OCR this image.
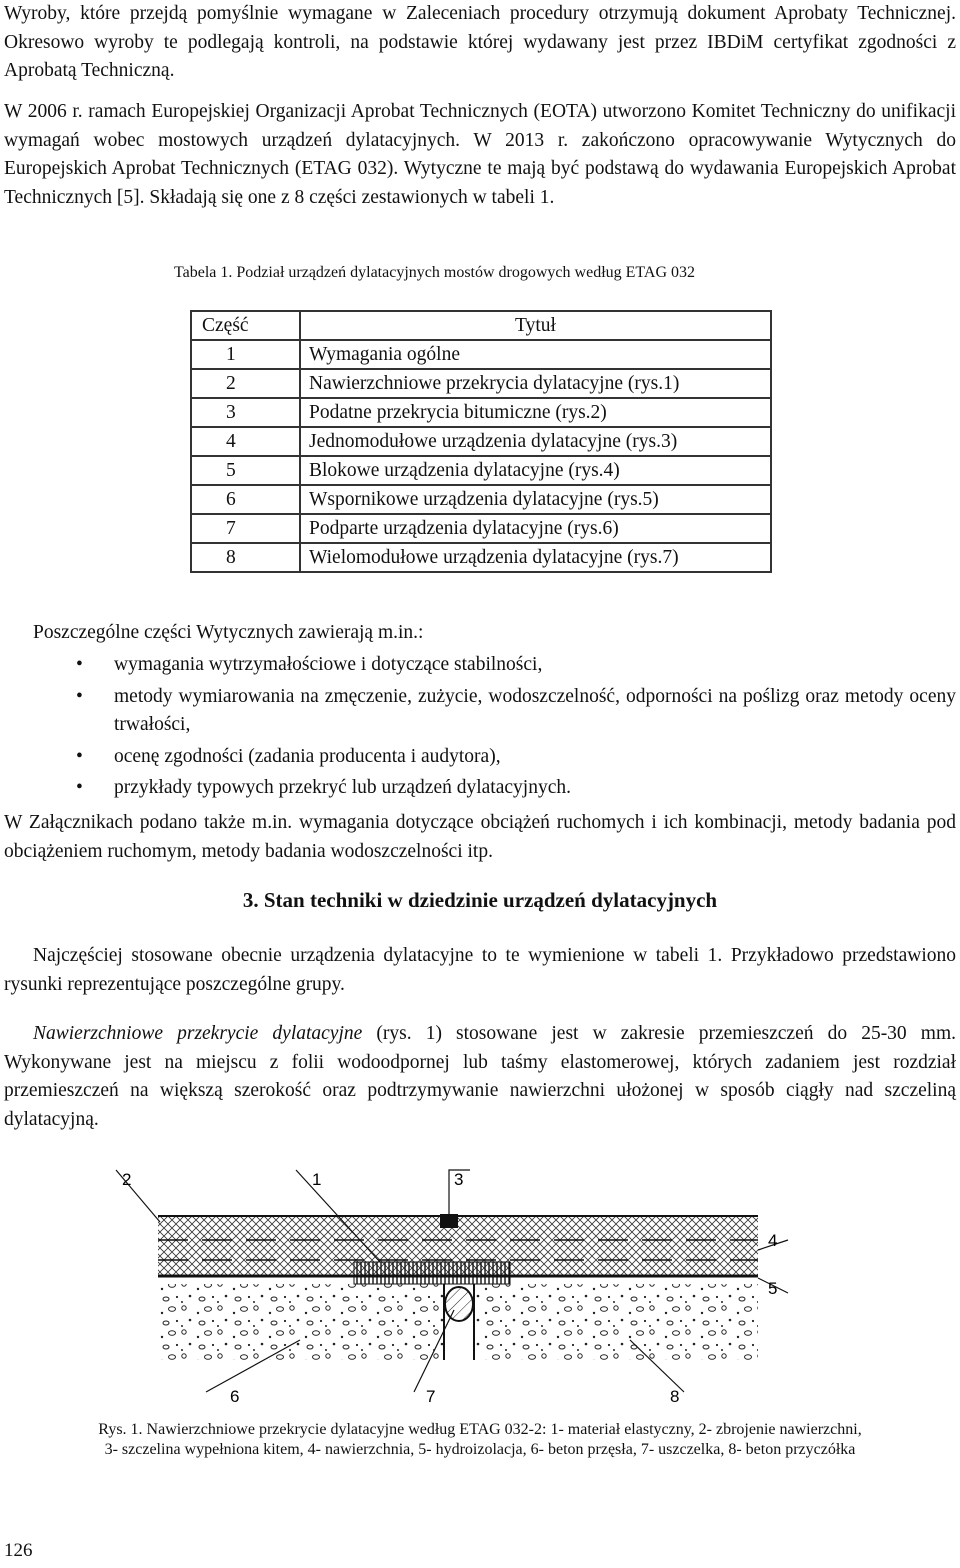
Wyroby, które przejdą pomyślnie wymagane w Zaleceniach procedury otrzymują dokument Aprobaty Technicznej. Okresowo wyroby te podlegają kontroli, na podstawie której wydawany jest przez IBDiM certyfikat zgodności z Aprobatą Techniczną.
W 2006 r. ramach Europejskiej Organizacji Aprobat Technicznych (EOTA) utworzono Komitet Techniczny do unifikacji wymagań wobec mostowych urządzeń dylatacyjnych. W 2013 r. zakończono opracowywanie Wytycznych do Europejskich Aprobat Technicznych (ETAG 032). Wytyczne te mają być podstawą do wydawania Europejskich Aprobat Technicznych [5]. Składają się one z 8 części zestawionych w tabeli 1.
Tabela 1. Podział urządzeń dylatacyjnych mostów drogowych według ETAG 032
Część	Tytuł
1	Wymagania ogólne
2	Nawierzchniowe przekrycia dylatacyjne (rys.1)
3	Podatne przekrycia bitumiczne (rys.2)
4	Jednomodułowe urządzenia dylatacyjne (rys.3)
5	Blokowe urządzenia dylatacyjne (rys.4)
6	Wspornikowe urządzenia dylatacyjne (rys.5)
7	Podparte urządzenia dylatacyjne (rys.6)
8	Wielomodułowe urządzenia dylatacyjne (rys.7)
Poszczególne części Wytycznych zawierają m.in.:
• wymagania wytrzymałościowe i dotyczące stabilności,
• metody wymiarowania na zmęczenie, zużycie, wodoszczelność, odporności na poślizg oraz metody oceny trwałości,
• ocenę zgodności (zadania producenta i audytora),
• przykłady typowych przekryć lub urządzeń dylatacyjnych.
W Załącznikach podano także m.in. wymagania dotyczące obciążeń ruchomych i ich kombinacji, metody badania pod obciążeniem ruchomym, metody badania wodoszczelności itp.
3. Stan techniki w dziedzinie urządzeń dylatacyjnych
Najczęściej stosowane obecnie urządzenia dylatacyjne to te wymienione w tabeli 1. Przykładowo przedstawiono rysunki reprezentujące poszczególne grupy.
Nawierzchniowe przekrycie dylatacyjne (rys. 1) stosowane jest w zakresie przemieszczeń do 25-30 mm. Wykonywane jest na miejscu z folii wodoodpornej lub taśmy elastomerowej, których zadaniem jest rozdział przemieszczeń na większą szerokość oraz podtrzymywanie nawierzchni ułożonej w sposób ciągły nad szczeliną dylatacyjną.
2	1	3
4
5
6	7	8
Rys. 1. Nawierzchniowe przekrycie dylatacyjne według ETAG 032-2: 1- materiał elastyczny, 2- zbrojenie nawierzchni,
3- szczelina wypełniona kitem, 4- nawierzchnia, 5- hydroizolacja, 6- beton przęsła, 7- uszczelka, 8- beton przyczółka
126
